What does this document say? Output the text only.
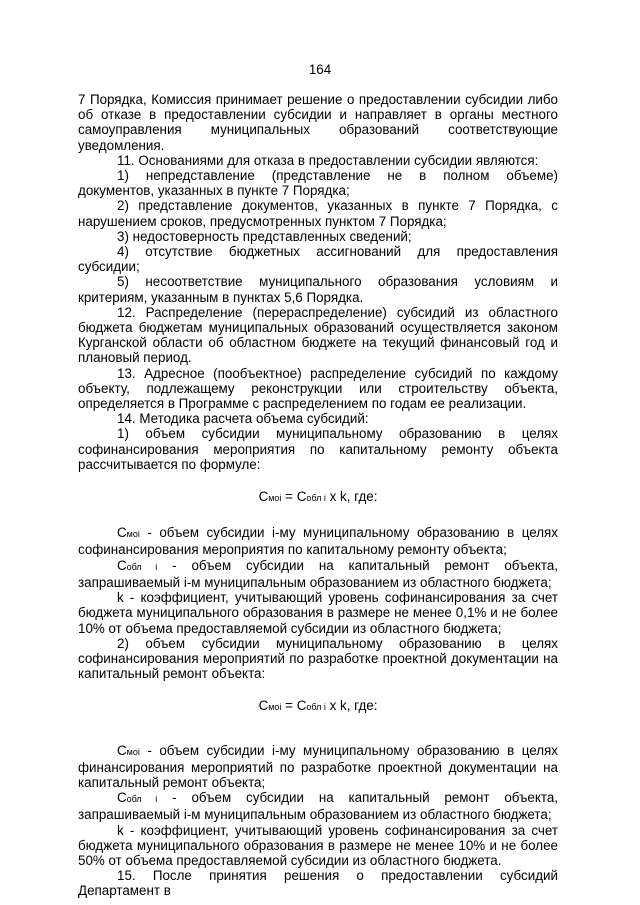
164

7 Порядка, Комиссия принимает решение о предоставлении субсидии либо об отказе в предоставлении субсидии и направляет в органы местного самоуправления муниципальных образований соответствующие уведомления.

11. Основаниями для отказа в предоставлении субсидии являются:

1) непредставление (представление не в полном объеме) документов, указанных в пункте 7 Порядка;

2) представление документов, указанных в пункте 7 Порядка, с нарушением сроков, предусмотренных пунктом 7 Порядка;

3) недостоверность представленных сведений;

4) отсутствие бюджетных ассигнований для предоставления субсидии;

5) несоответствие муниципального образования условиям и критериям, указанным в пунктах 5,6 Порядка.

12. Распределение (перераспределение) субсидий из областного бюджета бюджетам муниципальных образований осуществляется законом Курганской области об областном бюджете на текущий финансовый год и плановый период.

13. Адресное (пообъектное) распределение субсидий по каждому объекту, подлежащему реконструкции или строительству объекта, определяется в Программе с распределением по годам ее реализации.

14. Методика расчета объема субсидий:

1) объем субсидии муниципальному образованию в целях софинансирования мероприятия по капитальному ремонту объекта рассчитывается по формуле:

Смoi = Собл i x k, где:

Смoi - объем субсидии i-му муниципальному образованию в целях софинансирования мероприятия по капитальному ремонту объекта;

Собл i - объем субсидии на капитальный ремонт объекта, запрашиваемый i-м муниципальным образованием из областного бюджета;

k - коэффициент, учитывающий уровень софинансирования за счет бюджета муниципального образования в размере не менее 0,1% и не более 10% от объема предоставляемой субсидии из областного бюджета;

2) объем субсидии муниципальному образованию в целях софинансирования мероприятий по разработке проектной документации на капитальный ремонт объекта:

Смoi = Собл i x k, где:

Смoi - объем субсидии i-му муниципальному образованию в целях финансирования мероприятий по разработке проектной документации на капитальный ремонт объекта;

Собл i - объем субсидии на капитальный ремонт объекта, запрашиваемый i-м муниципальным образованием из областного бюджета;

k - коэффициент, учитывающий уровень софинансирования за счет бюджета муниципального образования в размере не менее 10% и не более 50% от объема предоставляемой субсидии из областного бюджета.

15. После принятия решения о предоставлении субсидий Департамент в
